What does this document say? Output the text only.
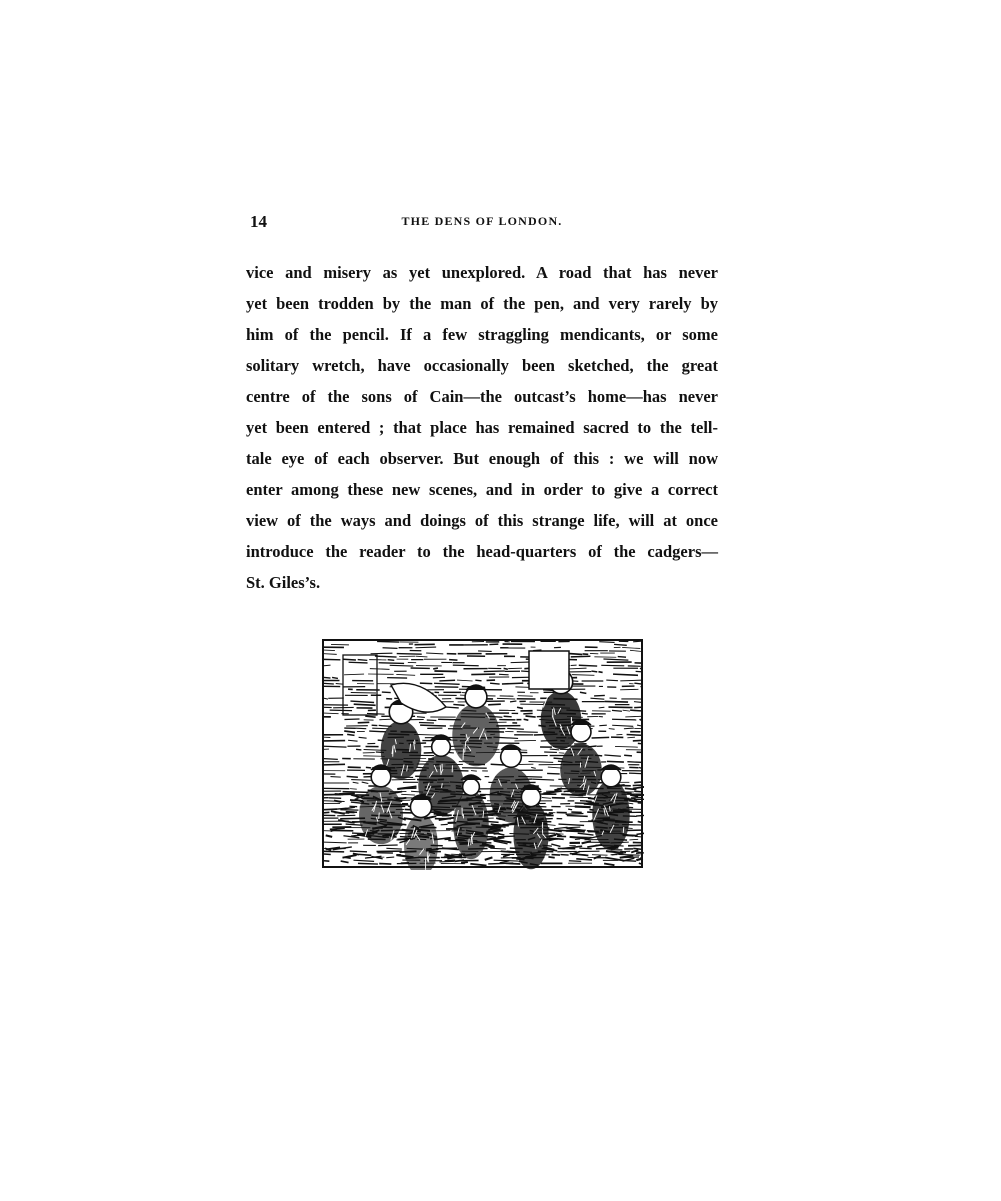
14	THE DENS OF LONDON.
vice and misery as yet unexplored. A road that has never
yet been trodden by the man of the pen, and very rarely by
him of the pencil. If a few straggling mendicants, or some
solitary wretch, have occasionally been sketched, the great
centre of the sons of Cain—the outcast’s home—has never
yet been entered ; that place has remained sacred to the tell-
tale eye of each observer. But enough of this : we will now
enter among these new scenes, and in order to give a correct
view of the ways and doings of this strange life, will at once
introduce the reader to the head-quarters of the cadgers—
St. Giles’s.
